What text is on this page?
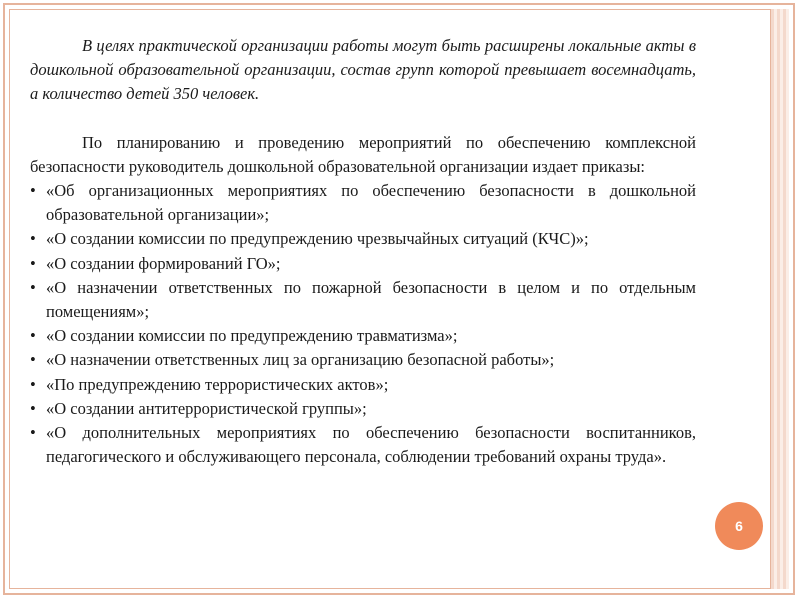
В целях практической организации работы могут быть расширены локальные акты в дошкольной образовательной организации, состав групп которой превышает восемнадцать, а количество детей 350 человек.

По планированию и проведению мероприятий по обеспечению комплексной безопасности руководитель дошкольной образовательной организации издает приказы:

• «Об организационных мероприятиях по обеспечению безопасности в дошкольной образовательной организации»;
• «О создании комиссии по предупреждению чрезвычайных ситуаций (КЧС)»;
• «О создании формирований ГО»;
• «О назначении ответственных по пожарной безопасности в целом и по отдельным помещениям»;
• «О создании комиссии по предупреждению травматизма»;
• «О назначении ответственных лиц за организацию безопасной работы»;
• «По предупреждению террористических актов»;
• «О создании антитеррористической группы»;
• «О дополнительных мероприятиях по обеспечению безопасности воспитанников, педагогического и обслуживающего персонала, соблюдении требований охраны труда».
6
